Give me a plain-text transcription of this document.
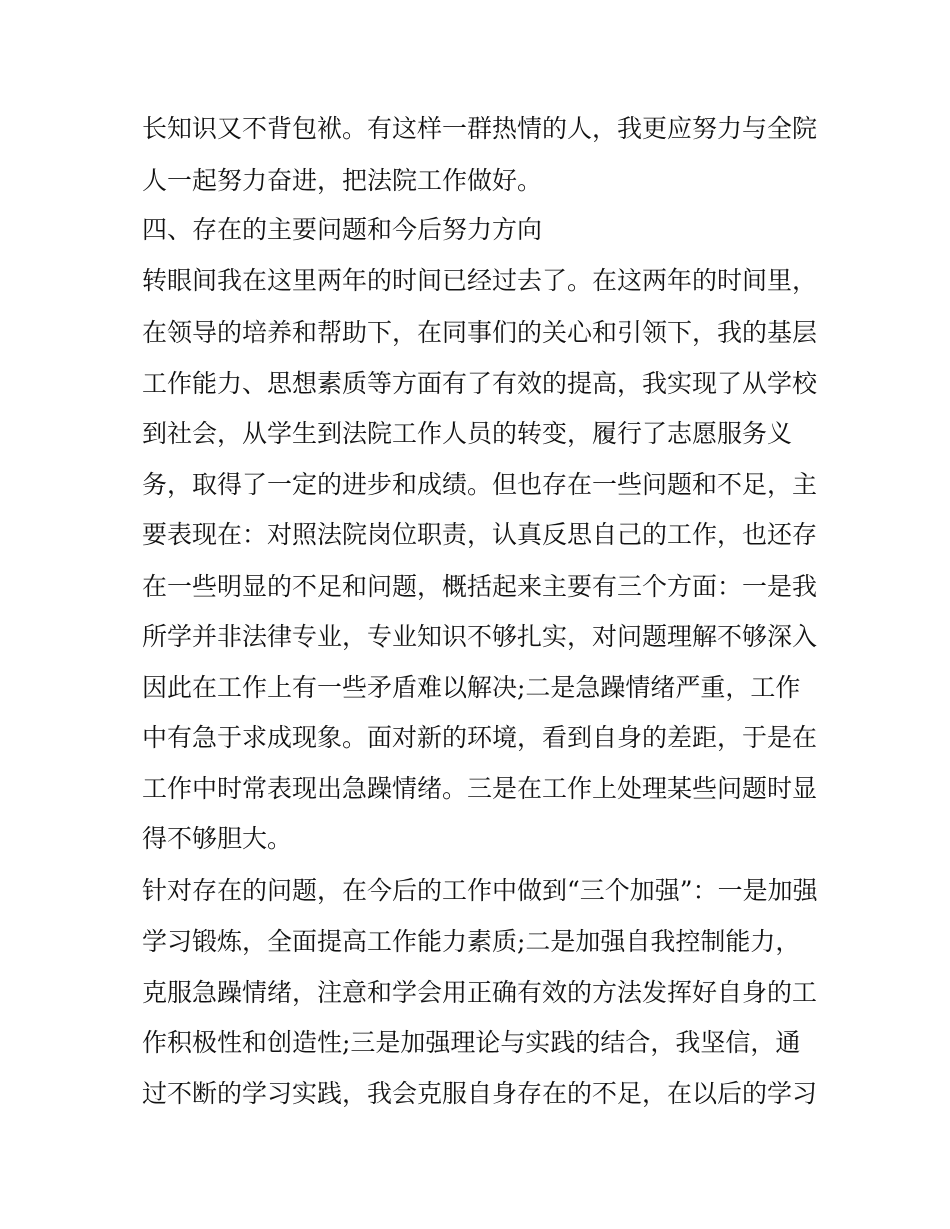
长知识又不背包袱。有这样一群热情的人，我更应努力与全院

人一起努力奋进，把法院工作做好。

四、存在的主要问题和今后努力方向

转眼间我在这里两年的时间已经过去了。在这两年的时间里，

在领导的培养和帮助下，在同事们的关心和引领下，我的基层

工作能力、思想素质等方面有了有效的提高，我实现了从学校

到社会，从学生到法院工作人员的转变，履行了志愿服务义

务，取得了一定的进步和成绩。但也存在一些问题和不足，主

要表现在：对照法院岗位职责，认真反思自己的工作，也还存

在一些明显的不足和问题，概括起来主要有三个方面：一是我

所学并非法律专业，专业知识不够扎实，对问题理解不够深入

因此在工作上有一些矛盾难以解决;二是急躁情绪严重，工作

中有急于求成现象。面对新的环境，看到自身的差距，于是在

工作中时常表现出急躁情绪。三是在工作上处理某些问题时显

得不够胆大。

针对存在的问题，在今后的工作中做到“三个加强”：一是加强

学习锻炼，全面提高工作能力素质;二是加强自我控制能力，

克服急躁情绪，注意和学会用正确有效的方法发挥好自身的工

作积极性和创造性;三是加强理论与实践的结合，我坚信，通

过不断的学习实践，我会克服自身存在的不足，在以后的学习
